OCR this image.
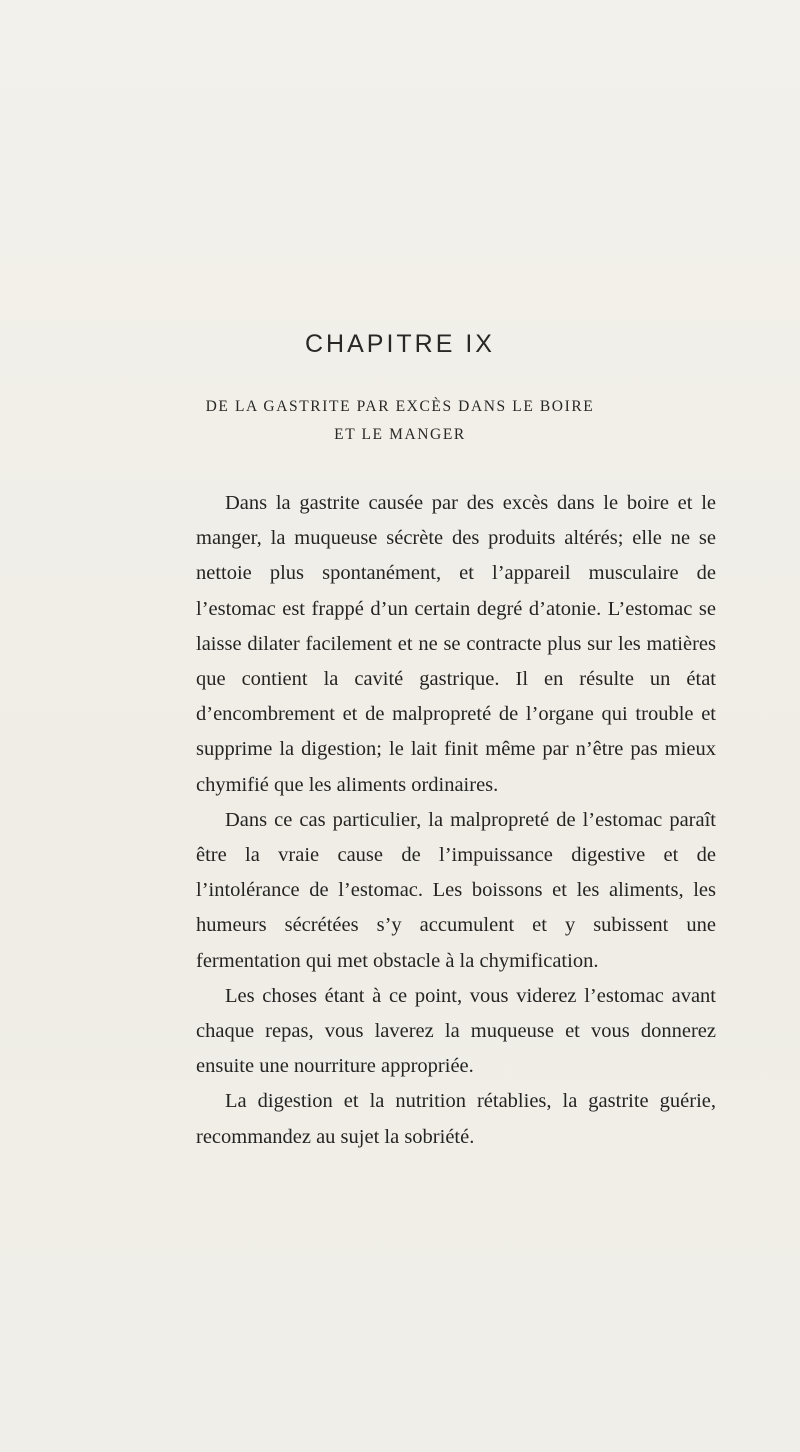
CHAPITRE IX

DE LA GASTRITE PAR EXCÈS DANS LE BOIRE

ET LE MANGER

Dans la gastrite causée par des excès dans le boire et le manger, la muqueuse sécrète des produits altérés; elle ne se nettoie plus spontanément, et l’appareil musculaire de l’estomac est frappé d’un certain degré d’atonie. L’estomac se laisse dilater facilement et ne se contracte plus sur les matières que contient la cavité gastrique. Il en résulte un état d’encombrement et de malpropreté de l’organe qui trouble et supprime la digestion; le lait finit même par n’être pas mieux chymifié que les aliments ordinaires.

Dans ce cas particulier, la malpropreté de l’estomac paraît être la vraie cause de l’impuissance digestive et de l’intolérance de l’estomac. Les boissons et les aliments, les humeurs sécrétées s’y accumulent et y subissent une fermentation qui met obstacle à la chymification.

Les choses étant à ce point, vous viderez l’estomac avant chaque repas, vous laverez la muqueuse et vous donnerez ensuite une nourriture appropriée.

La digestion et la nutrition rétablies, la gastrite guérie, recommandez au sujet la sobriété.
